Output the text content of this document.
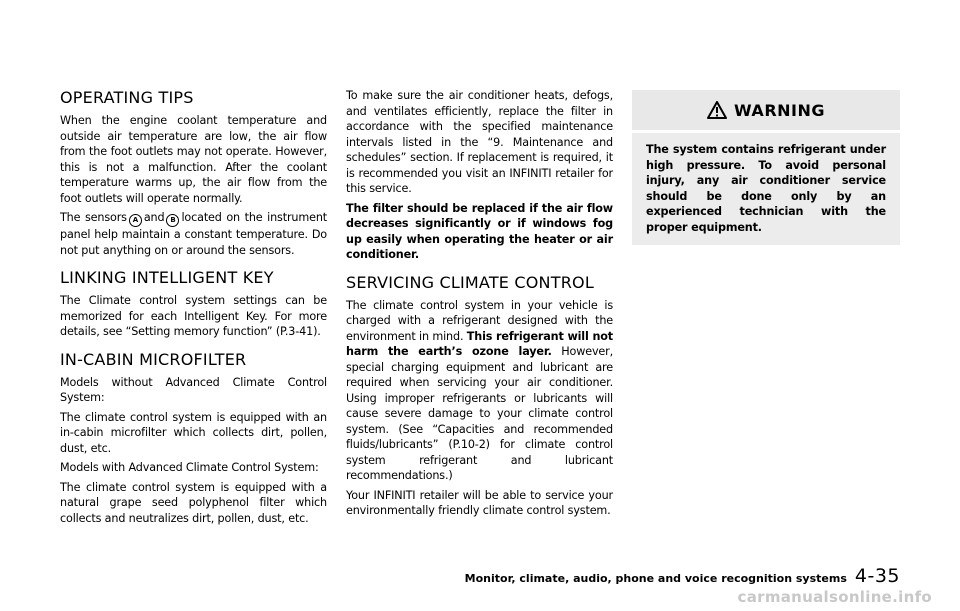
OPERATING TIPS

When the engine coolant temperature and outside air temperature are low, the air flow from the foot outlets may not operate. However, this is not a malfunction. After the coolant temperature warms up, the air flow from the foot outlets will operate normally.

The sensors A and B located on the instrument panel help maintain a constant temperature. Do not put anything on or around the sensors.

LINKING INTELLIGENT KEY

The Climate control system settings can be memorized for each Intelligent Key. For more details, see “Setting memory function” (P.3-41).

IN-CABIN MICROFILTER

Models without Advanced Climate Control System:

The climate control system is equipped with an in-cabin microfilter which collects dirt, pollen, dust, etc.

Models with Advanced Climate Control System:

The climate control system is equipped with a natural grape seed polyphenol filter which collects and neutralizes dirt, pollen, dust, etc.

To make sure the air conditioner heats, defogs, and ventilates efficiently, replace the filter in accordance with the specified maintenance intervals listed in the “9. Maintenance and schedules” section. If replacement is required, it is recommended you visit an INFINITI retailer for this service.

The filter should be replaced if the air flow decreases significantly or if windows fog up easily when operating the heater or air conditioner.

SERVICING CLIMATE CONTROL

The climate control system in your vehicle is charged with a refrigerant designed with the environment in mind. This refrigerant will not harm the earth’s ozone layer. However, special charging equipment and lubricant are required when servicing your air conditioner. Using improper refrigerants or lubricants will cause severe damage to your climate control system. (See “Capacities and recommended fluids/lubricants” (P.10-2) for climate control system refrigerant and lubricant recommendations.)

Your INFINITI retailer will be able to service your environmentally friendly climate control system.

WARNING

The system contains refrigerant under high pressure. To avoid personal injury, any air conditioner service should be done only by an experienced technician with the proper equipment.

Monitor, climate, audio, phone and voice recognition systems 4-35
carmanualsonline.info
